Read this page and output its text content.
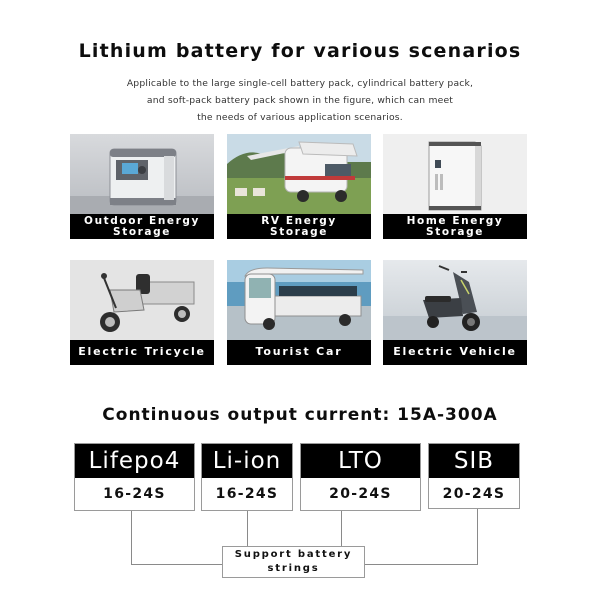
Lithium battery for various scenarios
Applicable to the large single-cell battery pack, cylindrical battery pack,
and soft-pack battery pack shown in the figure, which can meet
the needs of various application scenarios.
Outdoor Energy
Storage
RV Energy
Storage
Home Energy
Storage
Electric Tricycle	Tourist Car	Electric Vehicle
Continuous output current: 15A-300A
Lifepo4
16-24S
Li-ion
16-24S
LTO
20-24S
SIB
20-24S
Support battery
strings
